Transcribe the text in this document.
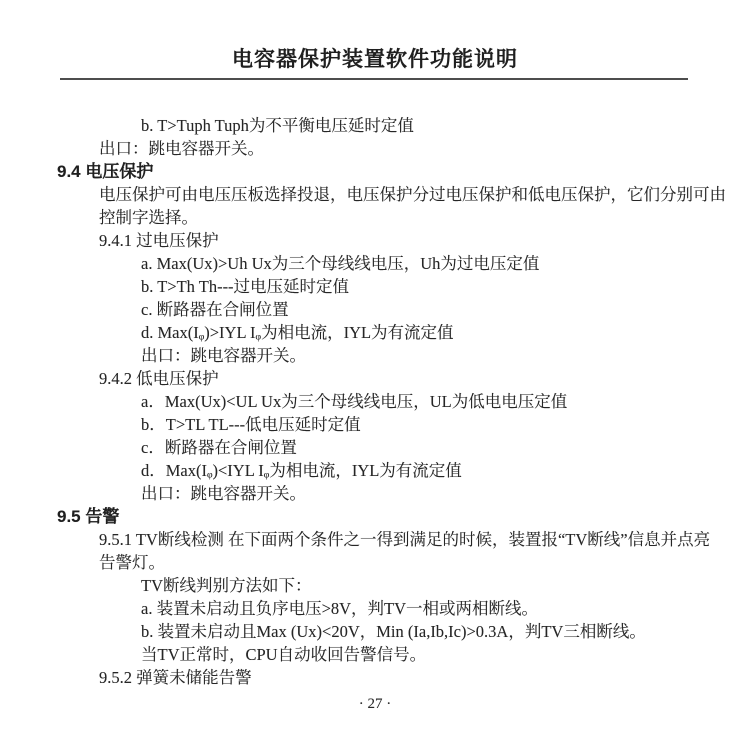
电容器保护装置软件功能说明
b. T>Tuph Tuph为不平衡电压延时定值
出口：跳电容器开关。
9.4 电压保护
电压保护可由电压压板选择投退，电压保护分过电压保护和低电压保护，它们分别可由
控制字选择。
9.4.1 过电压保护
a. Max(Ux)>Uh Ux为三个母线线电压，Uh为过电压定值
b. T>Th Th---过电压延时定值
c. 断路器在合闸位置
d. Max(Iᵩ)>IYL Iᵩ为相电流，IYL为有流定值
出口：跳电容器开关。
9.4.2 低电压保护
a．Max(Ux)<UL Ux为三个母线线电压，UL为低电电压定值
b．T>TL TL---低电压延时定值
c．断路器在合闸位置
d．Max(Iᵩ)<IYL Iᵩ为相电流，IYL为有流定值
出口：跳电容器开关。
9.5 告警
9.5.1 TV断线检测 在下面两个条件之一得到满足的时候，装置报“TV断线”信息并点亮
告警灯。
TV断线判别方法如下：
a. 装置未启动且负序电压>8V，判TV一相或两相断线。
b. 装置未启动且Max (Ux)<20V，Min (Ia,Ib,Ic)>0.3A，判TV三相断线。
当TV正常时，CPU自动收回告警信号。
9.5.2 弹簧未储能告警
· 27 ·
